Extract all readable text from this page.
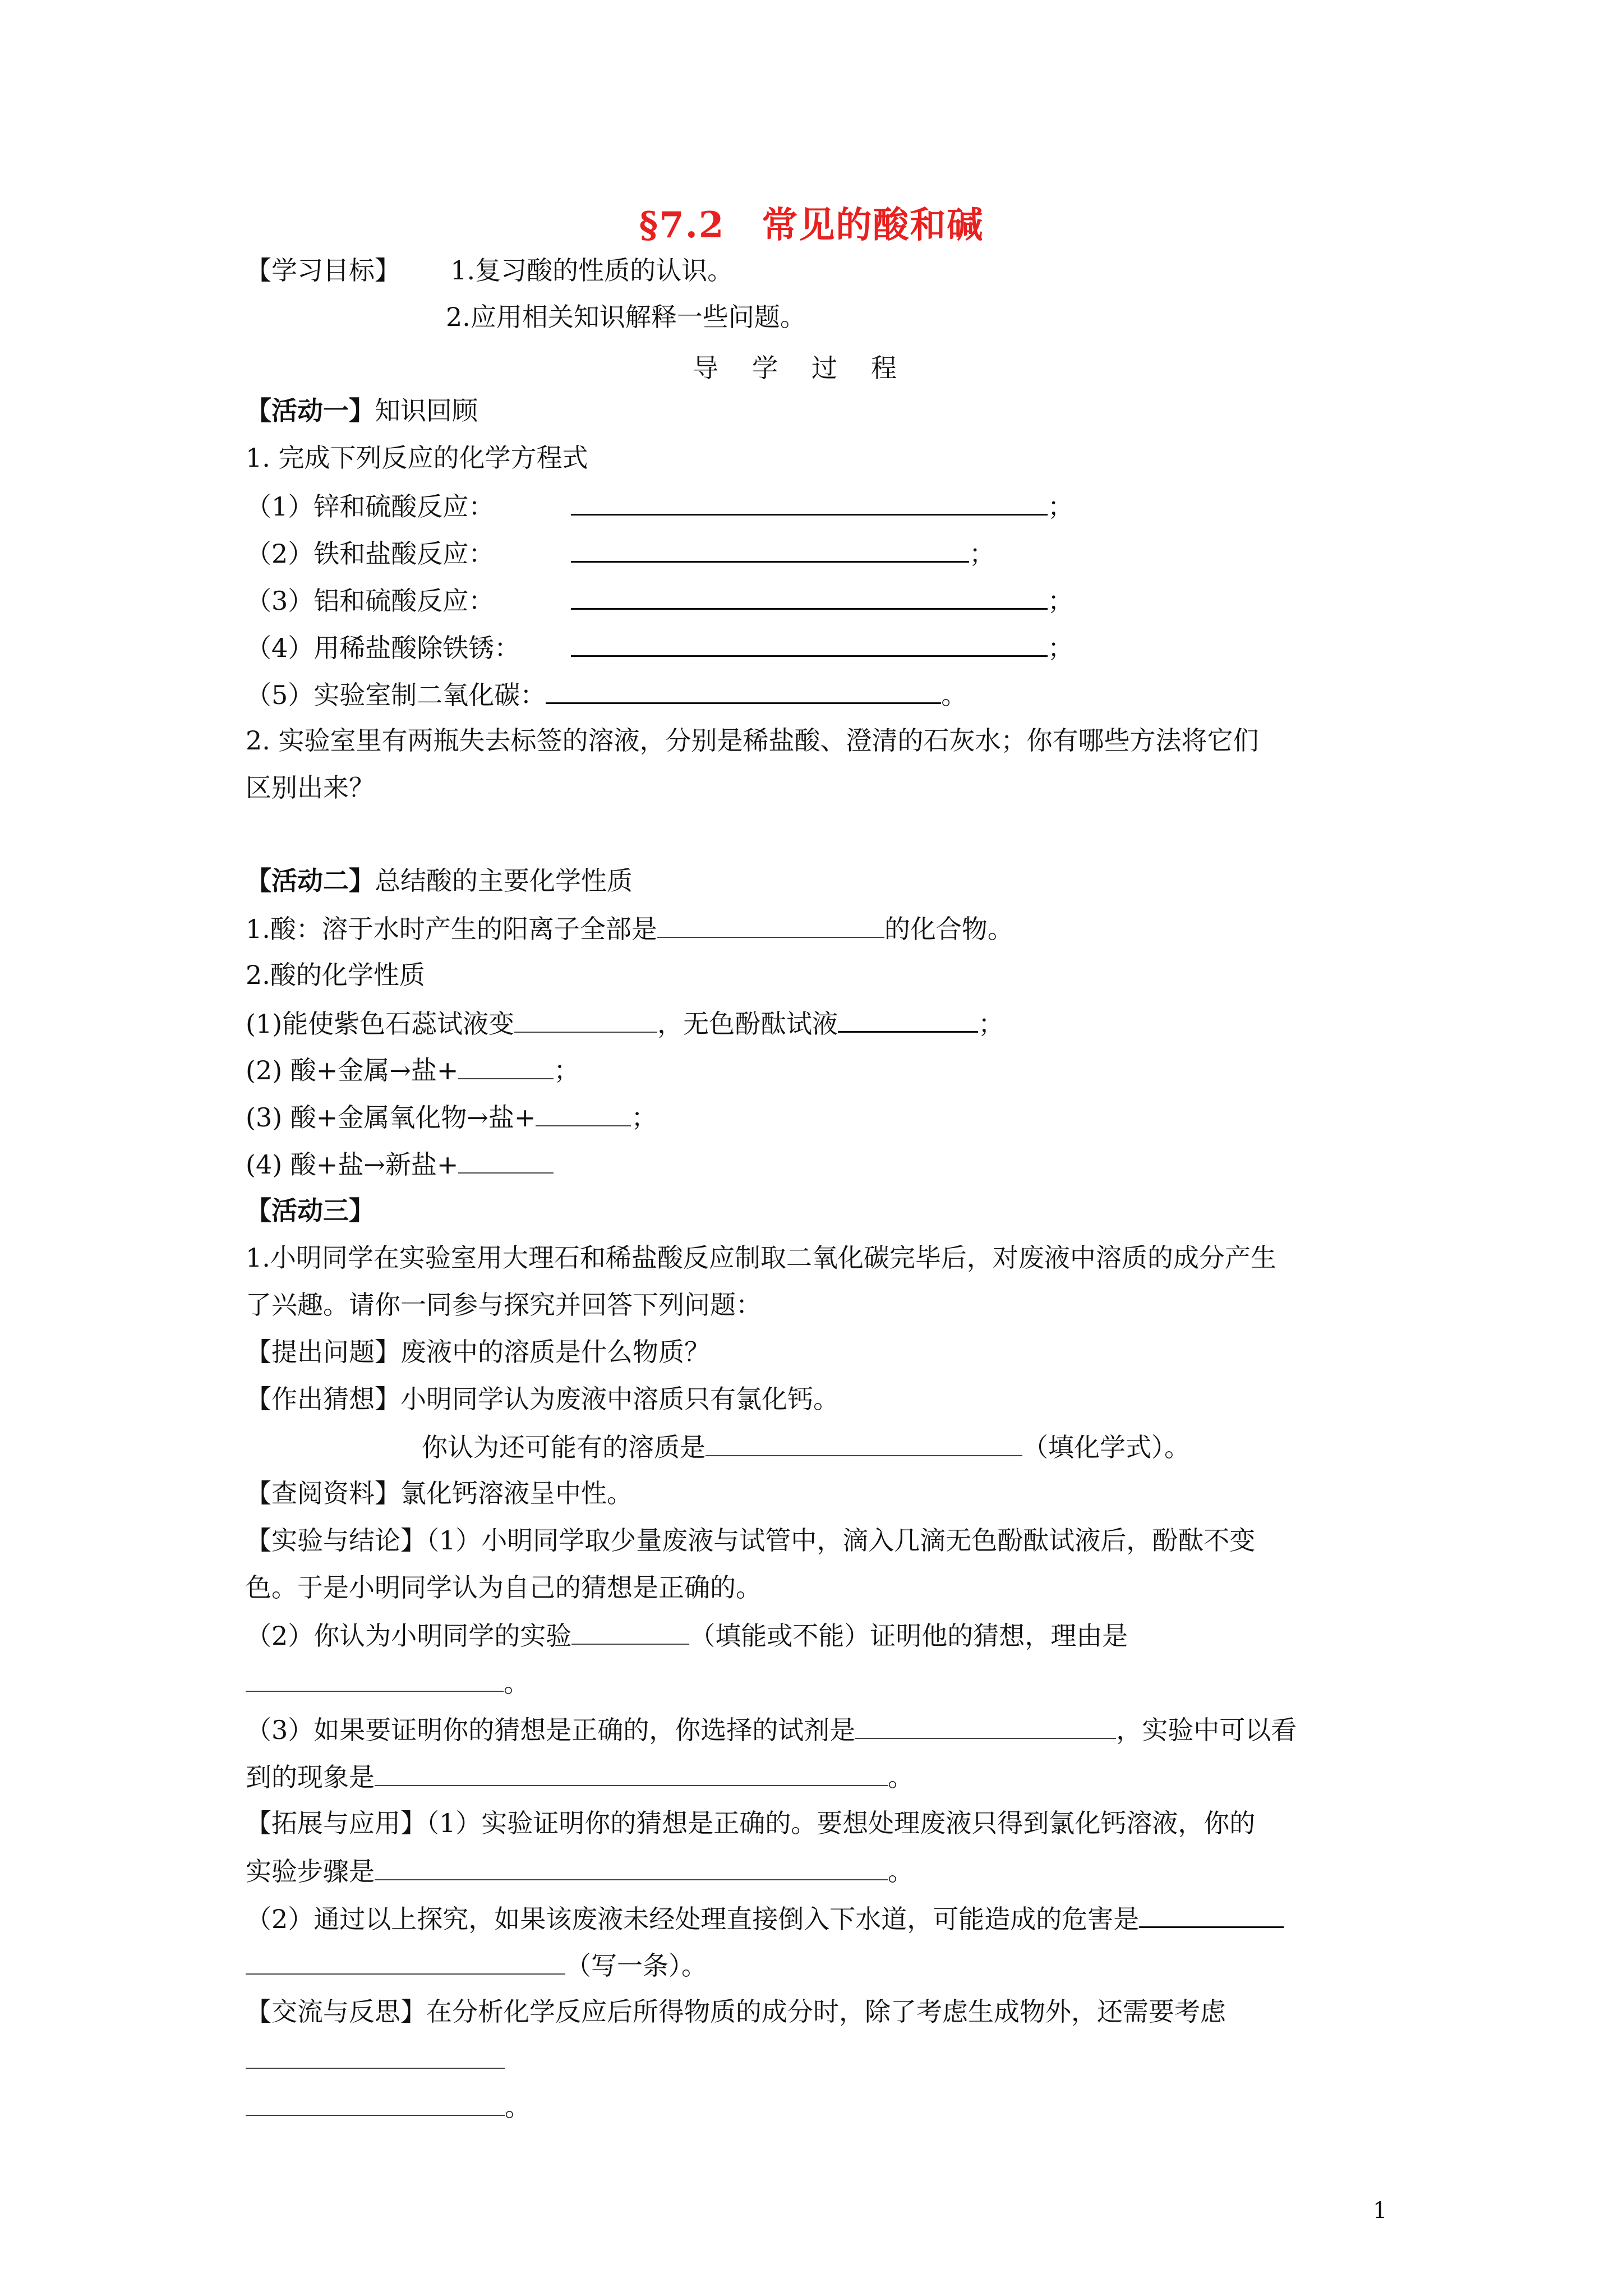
§7.2　常见的酸和碱
【学习目标】 1.复习酸的性质的认识。
2.应用相关知识解释一些问题。
导学过程
【活动一】知识回顾
1. 完成下列反应的化学方程式
（1）锌和硫酸反应：	；
（2）铁和盐酸反应：	；
（3）铝和硫酸反应：	；
（4）用稀盐酸除铁锈：	；
（5）实验室制二氧化碳：	。
2. 实验室里有两瓶失去标签的溶液，分别是稀盐酸、澄清的石灰水；你有哪些方法将它们
区别出来？
【活动二】总结酸的主要化学性质
1.酸：溶于水时产生的阳离子全部是	的化合物。
2.酸的化学性质
(1)能使紫色石蕊试液变	，无色酚酞试液	；
(2) 酸+金属→盐+	；
(3) 酸+金属氧化物→盐+	；
(4) 酸+盐→新盐+
【活动三】
1.小明同学在实验室用大理石和稀盐酸反应制取二氧化碳完毕后，对废液中溶质的成分产生
了兴趣。请你一同参与探究并回答下列问题：
【提出问题】废液中的溶质是什么物质？
【作出猜想】小明同学认为废液中溶质只有氯化钙。
你认为还可能有的溶质是	（填化学式）。
【查阅资料】氯化钙溶液呈中性。
【实验与结论】（1）小明同学取少量废液与试管中，滴入几滴无色酚酞试液后，酚酞不变
色。于是小明同学认为自己的猜想是正确的。
（2）你认为小明同学的实验	（填能或不能）证明他的猜想，理由是
。
（3）如果要证明你的猜想是正确的，你选择的试剂是	，实验中可以看
到的现象是	。
【拓展与应用】（1）实验证明你的猜想是正确的。要想处理废液只得到氯化钙溶液，你的
实验步骤是	。
（2）通过以上探究，如果该废液未经处理直接倒入下水道，可能造成的危害是
（写一条）。
【交流与反思】在分析化学反应后所得物质的成分时，除了考虑生成物外，还需要考虑
。
1
